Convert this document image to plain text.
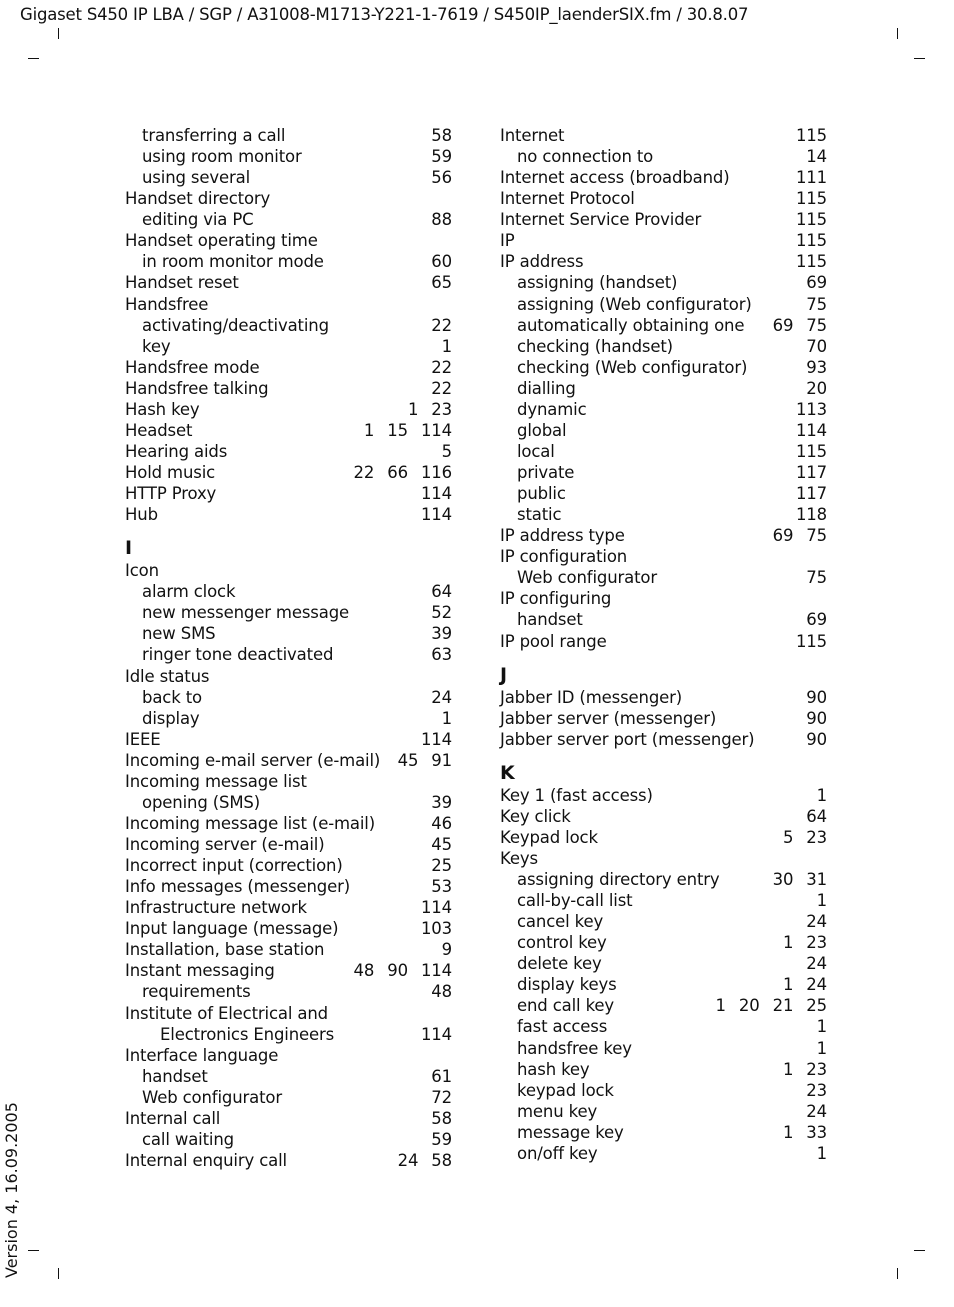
Gigaset S450 IP LBA / SGP / A31008-M1713-Y221-1-7619 / S450IP_laenderSIX.fm / 30.8.07
Version 4, 16.09.2005
transferring a call	58
using room monitor	59
using several	56
Handset directory
editing via PC	88
Handset operating time
in room monitor mode	60
Handset reset	65
Handsfree
activating/deactivating	22
key	1
Handsfree mode	22
Handsfree talking	22
Hash key	1 23
Headset	1 15 114
Hearing aids	5
Hold music	22 66 116
HTTP Proxy	114
Hub	114
I
Icon
alarm clock	64
new messenger message	52
new SMS	39
ringer tone deactivated	63
Idle status
back to	24
display	1
IEEE	114
Incoming e-mail server (e-mail) 45 91
Incoming message list
opening (SMS)	39
Incoming message list (e-mail)	46
Incoming server (e-mail)	45
Incorrect input (correction)	25
Info messages (messenger)	53
Infrastructure network	114
Input language (message)	103
Installation, base station	9
Instant messaging	48 90 114
requirements	48
Institute of Electrical and
Electronics Engineers	114
Interface language
handset	61
Web configurator	72
Internal call	58
call waiting	59
Internal enquiry call	24 58
Internet	115
no connection to	14
Internet access (broadband)	111
Internet Protocol	115
Internet Service Provider	115
IP	115
IP address	115
assigning (handset)	69
assigning (Web configurator)	75
automatically obtaining one 69 75
checking (handset)	70
checking (Web configurator)	93
dialling	20
dynamic	113
global	114
local	115
private	117
public	117
static	118
IP address type	69 75
IP configuration
Web configurator	75
IP configuring
handset	69
IP pool range	115
J
Jabber ID (messenger)	90
Jabber server (messenger)	90
Jabber server port (messenger)	90
K
Key 1 (fast access)	1
Key click	64
Keypad lock	5 23
Keys
assigning directory entry	30 31
call-by-call list	1
cancel key	24
control key	1 23
delete key	24
display keys	1 24
end call key	1 20 21 25
fast access	1
handsfree key	1
hash key	1 23
keypad lock	23
menu key	24
message key	1 33
on/off key	1
